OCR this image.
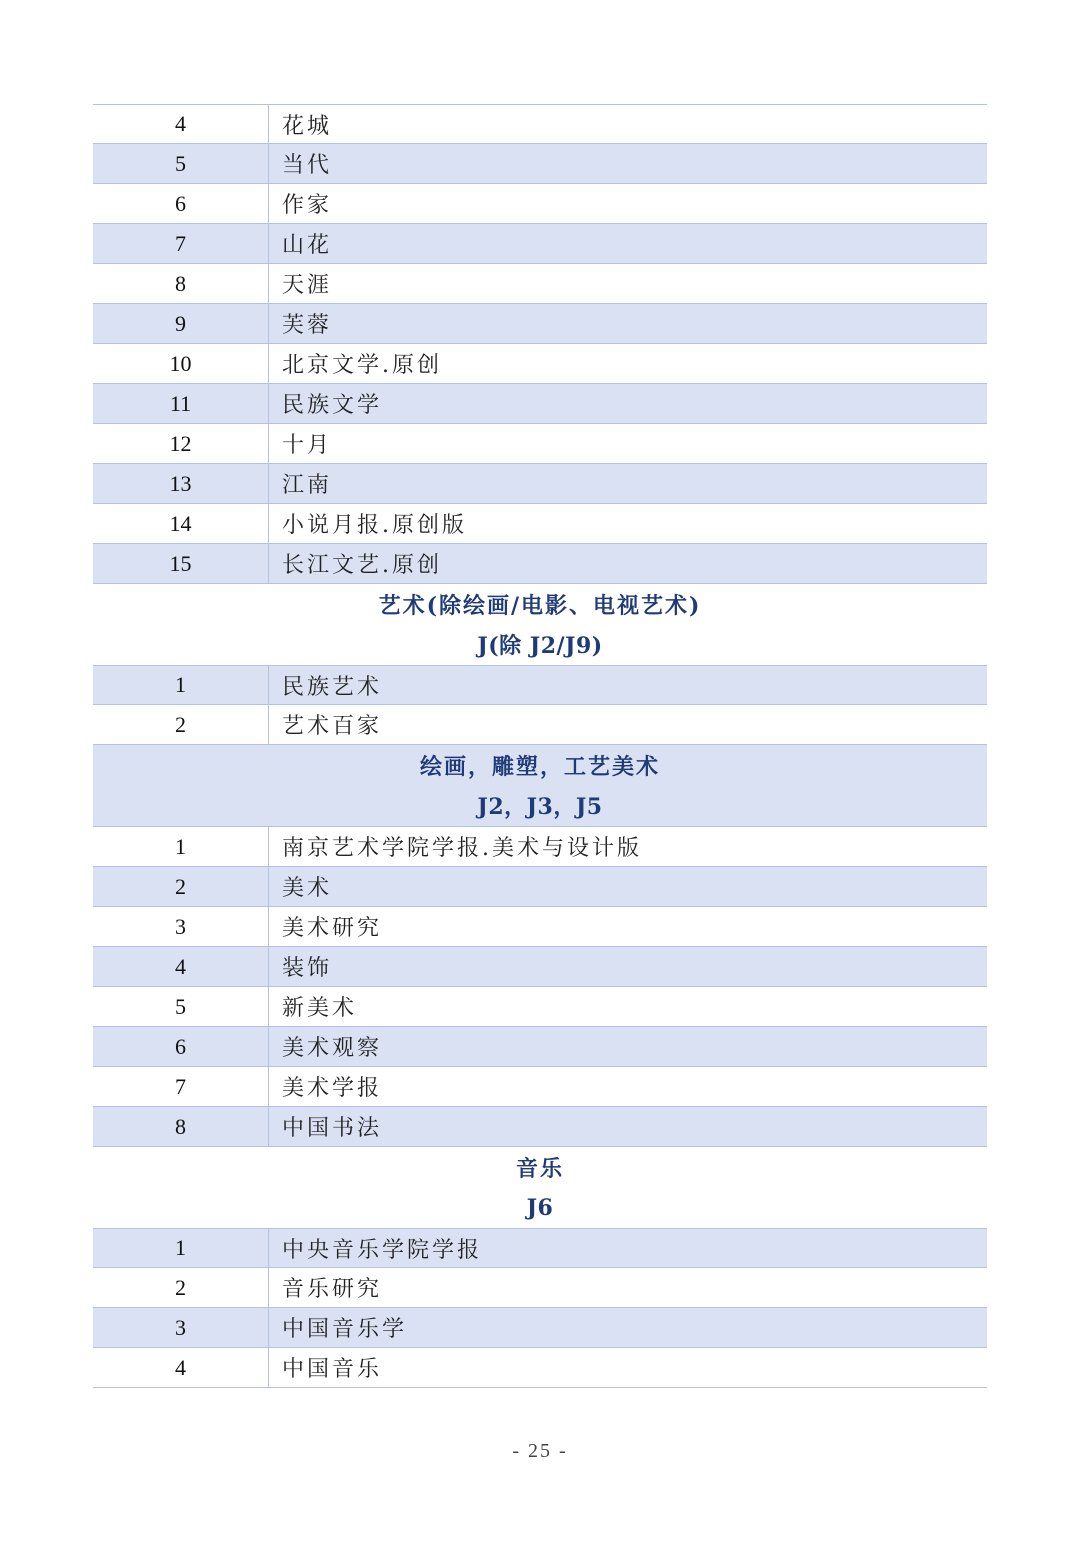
4	花城
5	当代
6	作家
7	山花
8	天涯
9	芙蓉
10	北京文学.原创
11	民族文学
12	十月
13	江南
14	小说月报.原创版
15	长江文艺.原创
艺术(除绘画/电影、电视艺术)
J(除 J2/J9)
1	民族艺术
2	艺术百家
绘画，雕塑，工艺美术
J2，J3，J5
1	南京艺术学院学报.美术与设计版
2	美术
3	美术研究
4	装饰
5	新美术
6	美术观察
7	美术学报
8	中国书法
音乐
J6
1	中央音乐学院学报
2	音乐研究
3	中国音乐学
4	中国音乐
- 25 -
